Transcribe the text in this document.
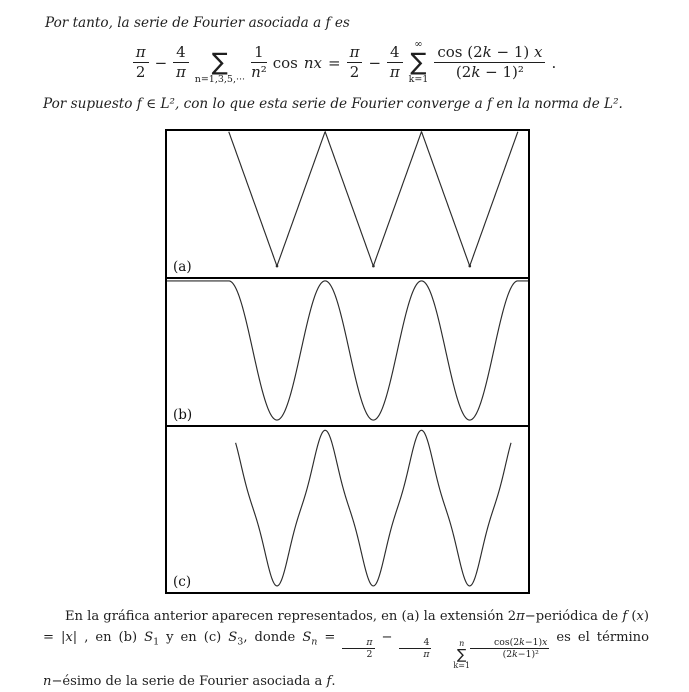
Por tanto, la serie de Fourier asociada a f es

$\frac{\pi}{2} - \frac{4}{\pi}$ ∑
$n=1,3,5,\cdot\cdot\cdot \frac{1}{\text{n²}}$ cos nx = $\frac{\pi}{2} - \frac{4}{\pi}$ ∞
∑
$k=1 \frac{\cos (2k - 1) x}{\text{(2k − 1)²}}$ .

Por supuesto f ∈ L², con lo que esta serie de Fourier converge a f en la norma de L².

(a)
(b)
(c)

En la gráfica anterior aparecen representados, en (a) la extensión 2π−periódica de f (x) = |x| , en (b) $S_1$ y en (c) $S_3$, donde $S_n$ =
$\frac{\pi}{2}$
−
$\frac{4}{\pi}$	n
∑
k=1
$\frac{\cos(2k-1)x}{\text{(2k−1)²}}$
es el término n−ésimo de la serie de Fourier asociada a f.
